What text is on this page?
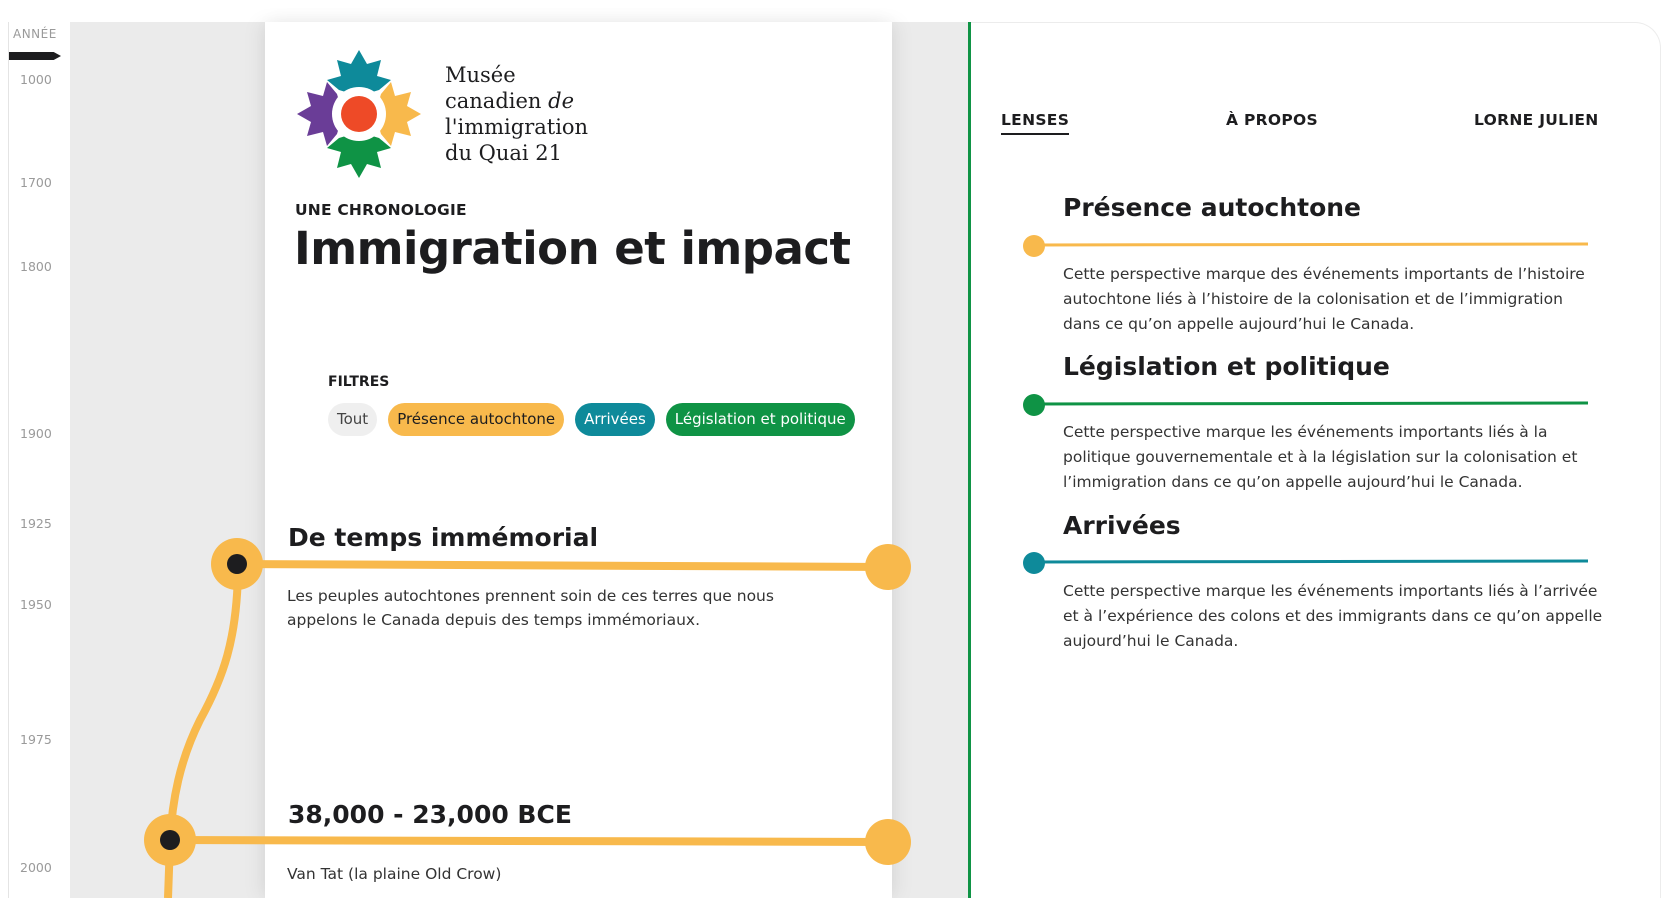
ANNÉE
1000
1700
1800
1900
1925
1950
1975
2000
Musée
canadien de
l'immigration
du Quai 21
UNE CHRONOLOGIE
Immigration et impact
FILTRES
Tout	Présence autochtone	Arrivées	Législation et politique
De temps immémorial
Les peuples autochtones prennent soin de ces terres que nous appelons le Canada depuis des temps immémoriaux.
38,000 - 23,000 BCE
Van Tat (la plaine Old Crow)
LENSES	À PROPOS	LORNE JULIEN
Présence autochtone
Cette perspective marque des événements importants de l’histoire autochtone liés à l’histoire de la colonisation et de l’immigration dans ce qu’on appelle aujourd’hui le Canada.
Législation et politique
Cette perspective marque les événements importants liés à la politique gouvernementale et à la législation sur la colonisation et l’immigration dans ce qu’on appelle aujourd’hui le Canada.
Arrivées
Cette perspective marque les événements importants liés à l’arrivée et à l’expérience des colons et des immigrants dans ce qu’on appelle aujourd’hui le Canada.
